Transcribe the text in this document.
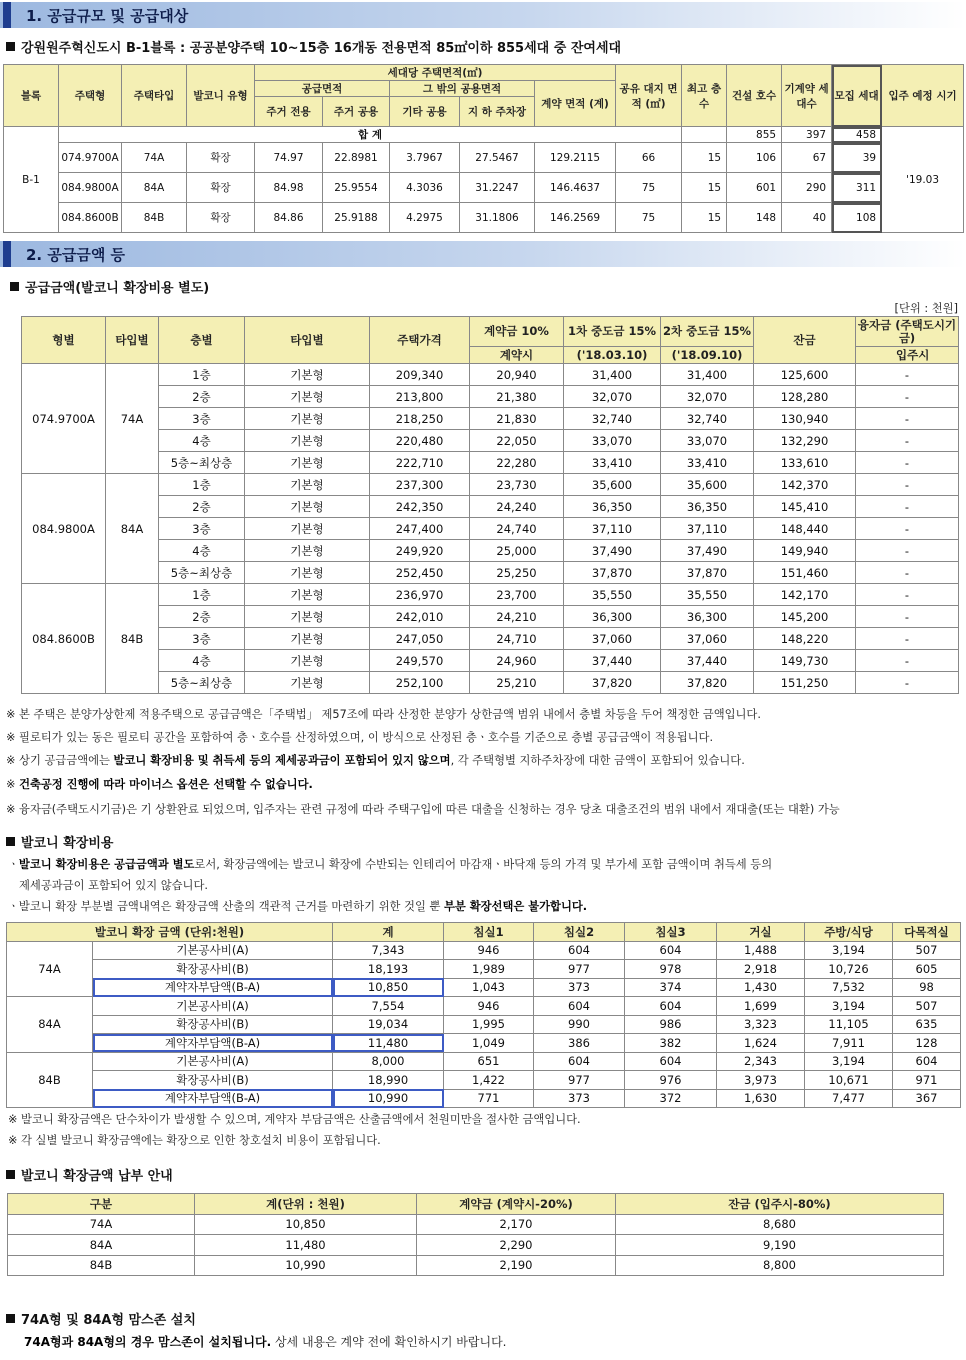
1. 공급규모 및 공급대상
강원원주혁신도시 B-1블록 : 공공분양주택 10~15층 16개동 전용면적 85㎡이하 855세대 중 잔여세대
블록	주택형	주택타입	발코니 유형	세대당 주택면적(㎡)					공유 대지 면적 (㎡)	최고 층수	건설 호수	기계약 세대수	모집 세대	입주 예정 시기
				공급면적		그 밖의 공용면적		계약 면적 (계)						
				주거 전용	주거 공용	기타 공용	지 하 주차장							
B-1	합 계										855	397	458	'19.03
	074.9700A	74A	확장	74.97	22.8981	3.7967	27.5467	129.2115	66	15	106	67	39	
	084.9800A	84A	확장	84.98	25.9554	4.3036	31.2247	146.4637	75	15	601	290	311	
	084.8600B	84B	확장	84.86	25.9188	4.2975	31.1806	146.2569	75	15	148	40	108	
2. 공급금액 등
공급금액(발코니 확장비용 별도)
[단위 : 천원]
형별	타입별	층별	타입별	주택가격	계약금 10%	1차 중도금 15%	2차 중도금 15%	잔금	융자금 (주택도시기금)
					계약시	('18.03.10)	('18.09.10)		입주시
074.9700A	74A	1층	기본형	209,340	20,940	31,400	31,400	125,600	-
		2층	기본형	213,800	21,380	32,070	32,070	128,280	-
		3층	기본형	218,250	21,830	32,740	32,740	130,940	-
		4층	기본형	220,480	22,050	33,070	33,070	132,290	-
		5층~최상층	기본형	222,710	22,280	33,410	33,410	133,610	-
084.9800A	84A	1층	기본형	237,300	23,730	35,600	35,600	142,370	-
		2층	기본형	242,350	24,240	36,350	36,350	145,410	-
		3층	기본형	247,400	24,740	37,110	37,110	148,440	-
		4층	기본형	249,920	25,000	37,490	37,490	149,940	-
		5층~최상층	기본형	252,450	25,250	37,870	37,870	151,460	-
084.8600B	84B	1층	기본형	236,970	23,700	35,550	35,550	142,170	-
		2층	기본형	242,010	24,210	36,300	36,300	145,200	-
		3층	기본형	247,050	24,710	37,060	37,060	148,220	-
		4층	기본형	249,570	24,960	37,440	37,440	149,730	-
		5층~최상층	기본형	252,100	25,210	37,820	37,820	151,250	-
※ 본 주택은 분양가상한제 적용주택으로 공급금액은「주택법」 제57조에 따라 산정한 분양가 상한금액 범위 내에서 층별 차등을 두어 책정한 금액입니다.
※ 필로티가 있는 동은 필로티 공간을 포함하여 층ㆍ호수를 산정하였으며, 이 방식으로 산정된 층ㆍ호수를 기준으로 층별 공급금액이 적용됩니다.
※ 상기 공급금액에는 발코니 확장비용 및 취득세 등의 제세공과금이 포함되어 있지 않으며, 각 주택형별 지하주차장에 대한 금액이 포함되어 있습니다.
※ 건축공정 진행에 따라 마이너스 옵션은 선택할 수 없습니다.
※ 융자금(주택도시기금)은 기 상환완료 되었으며, 입주자는 관련 규정에 따라 주택구입에 따른 대출을 신청하는 경우 당초 대출조건의 범위 내에서 재대출(또는 대환) 가능
발코니 확장비용
ㆍ발코니 확장비용은 공급금액과 별도로서, 확장금액에는 발코니 확장에 수반되는 인테리어 마감재ㆍ바닥재 등의 가격 및 부가세 포함 금액이며 취득세 등의
제세공과금이 포함되어 있지 않습니다.
ㆍ발코니 확장 부분별 금액내역은 확장금액 산출의 객관적 근거를 마련하기 위한 것일 뿐 부분 확장선택은 불가합니다.
발코니 확장 금액 (단위:천원)		계	침실1	침실2	침실3	거실	주방/식당	다목적실
74A	기본공사비(A)	7,343	946	604	604	1,488	3,194	507
	확장공사비(B)	18,193	1,989	977	978	2,918	10,726	605
	계약자부담액(B-A)	10,850	1,043	373	374	1,430	7,532	98
84A	기본공사비(A)	7,554	946	604	604	1,699	3,194	507
	확장공사비(B)	19,034	1,995	990	986	3,323	11,105	635
	계약자부담액(B-A)	11,480	1,049	386	382	1,624	7,911	128
84B	기본공사비(A)	8,000	651	604	604	2,343	3,194	604
	확장공사비(B)	18,990	1,422	977	976	3,973	10,671	971
	계약자부담액(B-A)	10,990	771	373	372	1,630	7,477	367
※ 발코니 확장금액은 단수차이가 발생할 수 있으며, 계약자 부담금액은 산출금액에서 천원미만을 절사한 금액입니다.
※ 각 실별 발코니 확장금액에는 확장으로 인한 창호설치 비용이 포함됩니다.
발코니 확장금액 납부 안내
구분	계(단위 : 천원)	계약금 (계약시-20%)	잔금 (입주시-80%)
74A	10,850	2,170	8,680
84A	11,480	2,290	9,190
84B	10,990	2,190	8,800
74A형 및 84A형 맘스존 설치
74A형과 84A형의 경우 맘스존이 설치됩니다. 상세 내용은 계약 전에 확인하시기 바랍니다.
